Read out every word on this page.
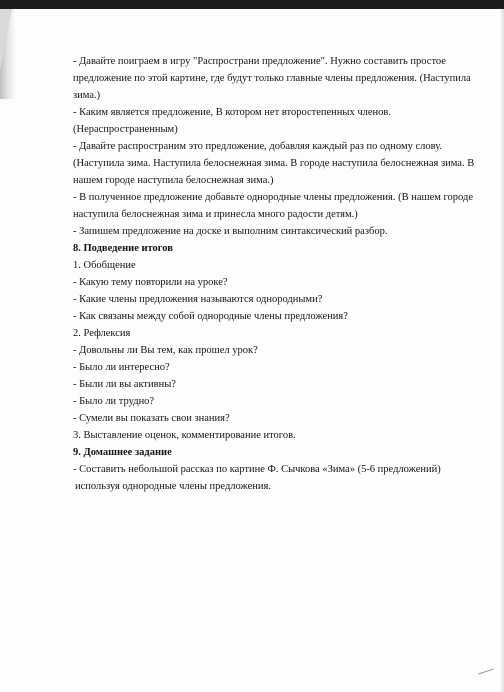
- Давайте поиграем в игру "Распространи предложение". Нужно составить простое
предложение по этой картине, где будут только главные члены предложения. (Наступила
зима.)
- Каким является предложение, В котором нет второстепенных членов.
(Нераспространенным)
- Давайте распространим это предложение, добавляя каждый раз по одному слову.
(Наступила зима. Наступила белоснежная зима. В городе наступила белоснежная зима. В
нашем городе наступила белоснежная зима.)
- В полученное предложение добавьте однородные члены предложения. (В нашем городе
наступила белоснежная зима и принесла много радости детям.)
- Запишем предложение на доске и выполним синтаксический разбор.
8. Подведение итогов
1. Обобщение
- Какую тему повторили на уроке?
- Какие члены предложения называются однородными?
- Как связаны между собой однородные члены предложения?
2. Рефлексия
- Довольны ли Вы тем, как прошел урок?
- Было ли интересно?
- Были ли вы активны?
- Было ли трудно?
- Сумели вы показать свои знания?
3. Выставление оценок, комментирование итогов.
9. Домашнее задание
- Составить небольшой рассказ по картине Ф. Сычкова «Зима» (5-6 предложений)
используя однородные члены предложения.
